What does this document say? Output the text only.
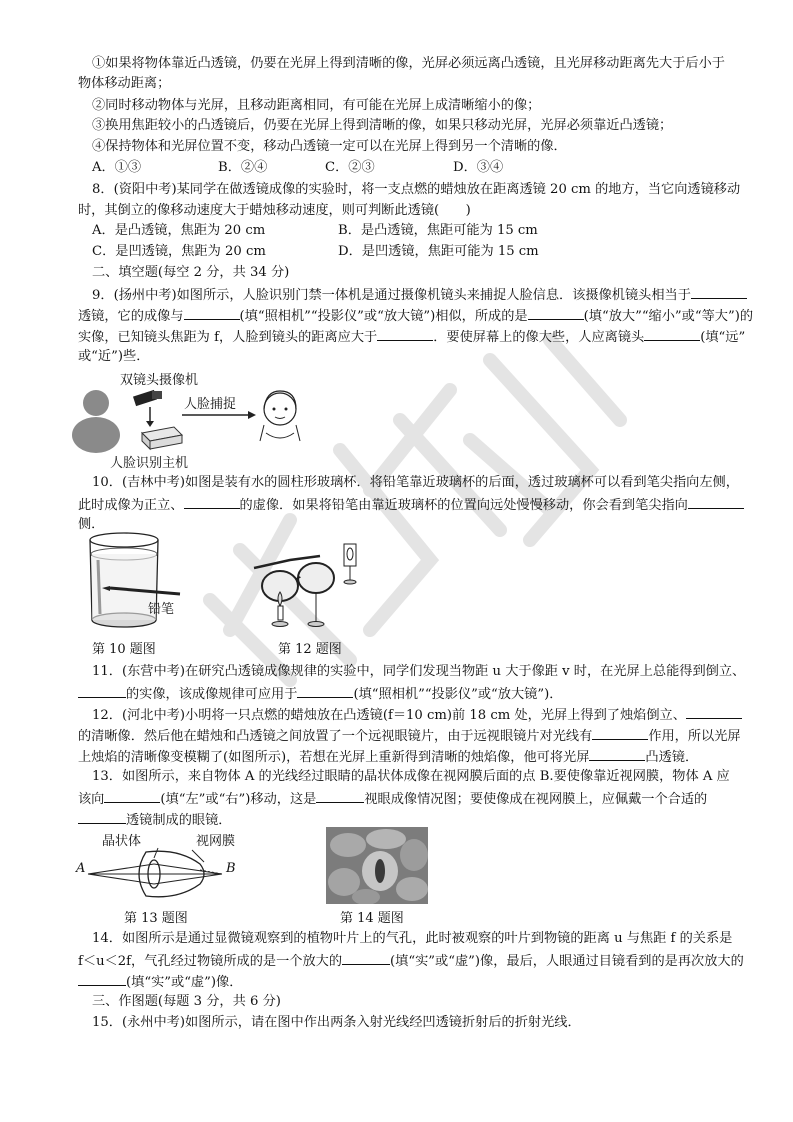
①如果将物体靠近凸透镜，仍要在光屏上得到清晰的像，光屏必须远离凸透镜，且光屏移动距离先大于后小于
物体移动距离；
②同时移动物体与光屏，且移动距离相同，有可能在光屏上成清晰缩小的像；
③换用焦距较小的凸透镜后，仍要在光屏上得到清晰的像，如果只移动光屏，光屏必须靠近凸透镜；
④保持物体和光屏位置不变，移动凸透镜一定可以在光屏上得到另一个清晰的像．
A．①③	B．②④	C．②③	D．③④
8．(资阳中考)某同学在做透镜成像的实验时，将一支点燃的蜡烛放在距离透镜 20 cm 的地方，当它向透镜移动
时，其倒立的像移动速度大于蜡烛移动速度，则可判断此透镜(　　)
A．是凸透镜，焦距为 20 cm	B．是凸透镜，焦距可能为 15 cm
C．是凹透镜，焦距为 20 cm	D．是凹透镜，焦距可能为 15 cm
二、填空题(每空 2 分，共 34 分)
9．(扬州中考)如图所示，人脸识别门禁一体机是通过摄像机镜头来捕捉人脸信息．该摄像机镜头相当于
透镜，它的成像与	(填“照相机”“投影仪”或“放大镜”)相似，所成的是	(填“放大”“缩小”或“等大”)的
实像，已知镜头焦距为 f，人脸到镜头的距离应大于	．要使屏幕上的像大些，人应离镜头	(填“远”
或“近”)些．
双镜头摄像机
人脸捕捉
人脸识别主机
10．(吉林中考)如图是装有水的圆柱形玻璃杯．将铅笔靠近玻璃杯的后面，透过玻璃杯可以看到笔尖指向左侧，
此时成像为正立、	的虚像．如果将铅笔由靠近玻璃杯的位置向远处慢慢移动，你会看到笔尖指向
侧．
铅笔
第 10 题图	第 12 题图
11．(东营中考)在研究凸透镜成像规律的实验中，同学们发现当物距 u 大于像距 v 时，在光屏上总能得到倒立、
的实像，该成像规律可应用于	(填“照相机”“投影仪”或“放大镜”)．
12．(河北中考)小明将一只点燃的蜡烛放在凸透镜(f＝10 cm)前 18 cm 处，光屏上得到了烛焰倒立、
的清晰像．然后他在蜡烛和凸透镜之间放置了一个远视眼镜片，由于远视眼镜片对光线有	作用，所以光屏
上烛焰的清晰像变模糊了(如图所示)，若想在光屏上重新得到清晰的烛焰像，他可将光屏	凸透镜．
13．如图所示，来自物体 A 的光线经过眼睛的晶状体成像在视网膜后面的点 B.要使像靠近视网膜，物体 A 应
该向	(填“左”或“右”)移动，这是	视眼成像情况图；要使像成在视网膜上，应佩戴一个合适的
透镜制成的眼镜．
晶状体	视网膜
A	B
第 13 题图	第 14 题图
14．如图所示是通过显微镜观察到的植物叶片上的气孔，此时被观察的叶片到物镜的距离 u 与焦距 f 的关系是
f＜u＜2f，气孔经过物镜所成的是一个放大的	(填“实”或“虚”)像，最后，人眼通过目镜看到的是再次放大的
(填“实”或“虚”)像．
三、作图题(每题 3 分，共 6 分)
15．(永州中考)如图所示，请在图中作出两条入射光线经凹透镜折射后的折射光线．
